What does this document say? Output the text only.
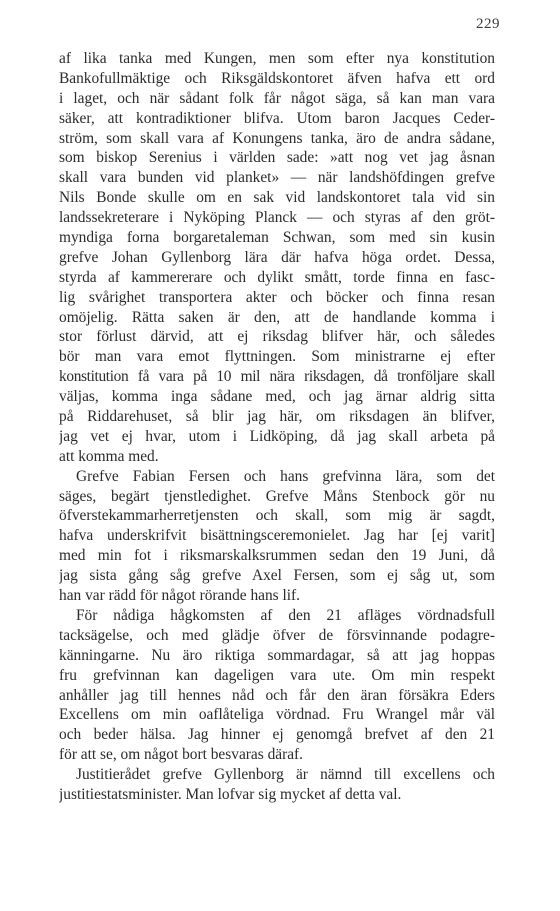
229
af lika tanka med Kungen, men som efter nya konstitution
Bankofullmäktige och Riksgäldskontoret äfven hafva ett ord
i laget, och när sådant folk får något säga, så kan man vara
säker, att kontradiktioner blifva. Utom baron Jacques Ceder-
ström, som skall vara af Konungens tanka, äro de andra sådane,
som biskop Serenius i världen sade: »att nog vet jag åsnan
skall vara bunden vid planket» — när landshöfdingen grefve
Nils Bonde skulle om en sak vid landskontoret tala vid sin
landssekreterare i Nyköping Planck — och styras af den gröt-
myndiga forna borgaretaleman Schwan, som med sin kusin
grefve Johan Gyllenborg lära där hafva höga ordet. Dessa,
styrda af kammererare och dylikt smått, torde finna en fasc-
lig svårighet transportera akter och böcker och finna resan
omöjelig. Rätta saken är den, att de handlande komma i
stor förlust därvid, att ej riksdag blifver här, och således
bör man vara emot flyttningen. Som ministrarne ej efter
konstitution få vara på 10 mil nära riksdagen, då tronföljare skall
väljas, komma inga sådane med, och jag ärnar aldrig sitta
på Riddarehuset, så blir jag här, om riksdagen än blifver,
jag vet ej hvar, utom i Lidköping, då jag skall arbeta på
att komma med.
Grefve Fabian Fersen och hans grefvinna lära, som det
säges, begärt tjenstledighet. Grefve Måns Stenbock gör nu
öfverstekammarherretjensten och skall, som mig är sagdt,
hafva underskrifvit bisättningsceremonielet. Jag har [ej varit]
med min fot i riksmarskalksrummen sedan den 19 Juni, då
jag sista gång såg grefve Axel Fersen, som ej såg ut, som
han var rädd för något rörande hans lif.
För nådiga hågkomsten af den 21 afläges vördnadsfull
tacksägelse, och med glädje öfver de försvinnande podagre-
känningarne. Nu äro riktiga sommardagar, så att jag hoppas
fru grefvinnan kan dageligen vara ute. Om min respekt
anhåller jag till hennes nåd och får den äran försäkra Eders
Excellens om min oaflåteliga vördnad. Fru Wrangel mår väl
och beder hälsa. Jag hinner ej genomgå brefvet af den 21
för att se, om något bort besvaras däraf.
Justitierådet grefve Gyllenborg är nämnd till excellens och
justitiestatsminister. Man lofvar sig mycket af detta val.
